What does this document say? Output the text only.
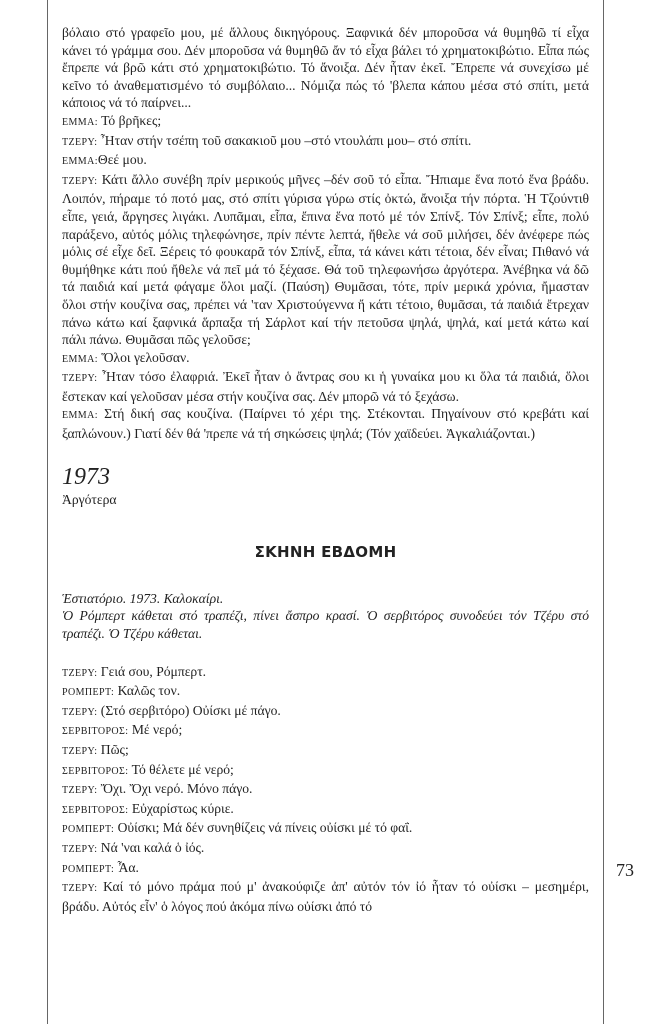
βόλαιο στό γραφεῖο μου, μέ ἄλλους δικηγόρους. Ξαφνικά δέν μποροῦσα νά θυμηθῶ τί εἶχα κάνει τό γράμμα σου. Δέν μποροῦσα νά θυμηθῶ ἄν τό εἶχα βάλει τό χρηματοκιβώτιο. Εἶπα πώς ἔπρεπε νά βρῶ κάτι στό χρηματοκιβώτιο. Τό ἄνοιξα. Δέν ἦταν ἐκεῖ. Ἔπρεπε νά συνεχίσω μέ κεῖνο τό ἀναθεματισμένο τό συμβόλαιο... Νόμιζα πώς τό 'βλεπα κάπου μέσα στό σπίτι, μετά κάποιος νά τό παίρνει...

ΕΜΜΑ: Τό βρῆκες;

ΤΖΕΡΥ: Ἦταν στήν τσέπη τοῦ σακακιοῦ μου –στό ντουλάπι μου– στό σπίτι.

ΕΜΜΑ:Θεέ μου.

ΤΖΕΡΥ: Κάτι ἄλλο συνέβη πρίν μερικούς μῆνες –δέν σοῦ τό εἶπα. Ἤπιαμε ἕνα ποτό ἕνα βράδυ. Λοιπόν, πήραμε τό ποτό μας, στό σπίτι γύρισα γύρω στίς ὀκτώ, ἄνοιξα τήν πόρτα. Ἡ Τζούντιθ εἶπε, γειά, ἄργησες λιγάκι. Λυπᾶμαι, εἶπα, ἔπινα ἕνα ποτό μέ τόν Σπίνξ. Τόν Σπίνξ; εἶπε, πολύ παράξενο, αὐτός μόλις τηλεφώνησε, πρίν πέντε λεπτά, ἤθελε νά σοῦ μιλήσει, δέν ἀνέφερε πώς μόλις σέ εἶχε δεῖ. Ξέρεις τό φουκαρᾶ τόν Σπίνξ, εἶπα, τά κάνει κάτι τέτοια, δέν εἶναι; Πιθανό νά θυμήθηκε κάτι πού ἤθελε νά πεῖ μά τό ξέχασε. Θά τοῦ τηλεφωνήσω ἀργότερα. Ἀνέβηκα νά δῶ τά παιδιά καί μετά φάγαμε ὅλοι μαζί. (Παύση) Θυμᾶσαι, τότε, πρίν μερικά χρόνια, ἤμασταν ὅλοι στήν κουζίνα σας, πρέπει νά 'ταν Χριστούγεννα ἤ κάτι τέτοιο, θυμᾶσαι, τά παιδιά ἔτρεχαν πάνω κάτω καί ξαφνικά ἅρπαξα τή Σάρλοτ καί τήν πετοῦσα ψηλά, ψηλά, καί μετά κάτω καί πάλι πάνω. Θυμᾶσαι πῶς γελοῦσε;

ΕΜΜΑ: Ὅλοι γελοῦσαν.

ΤΖΕΡΥ: Ἦταν τόσο ἐλαφριά. Ἐκεῖ ἦταν ὁ ἄντρας σου κι ἡ γυναίκα μου κι ὅλα τά παιδιά, ὅλοι ἔστεκαν καί γελοῦσαν μέσα στήν κουζίνα σας. Δέν μπορῶ νά τό ξεχάσω.

ΕΜΜΑ: Στή δική σας κουζίνα. (Παίρνει τό χέρι της. Στέκονται. Πηγαίνουν στό κρεβάτι καί ξαπλώνουν.) Γιατί δέν θά 'πρεπε νά τή σηκώσεις ψηλά; (Τόν χαϊδεύει. Ἀγκαλιάζονται.)

1973
Ἀργότερα
ΣΚΗΝΗ ΕΒΔΟΜΗ

Ἑστιατόριο. 1973. Καλοκαίρι.

Ὁ Ρόμπερτ κάθεται στό τραπέζι, πίνει ἄσπρο κρασί. Ὁ σερβιτόρος συνοδεύει τόν Τζέρυ στό τραπέζι. Ὁ Τζέρυ κάθεται.

ΤΖΕΡΥ: Γειά σου, Ρόμπερτ.

ΡΟΜΠΕΡΤ: Καλῶς τον.

ΤΖΕΡΥ: (Στό σερβιτόρο) Οὐίσκι μέ πάγο.

ΣΕΡΒΙΤΟΡΟΣ: Μέ νερό;

ΤΖΕΡΥ: Πῶς;

ΣΕΡΒΙΤΟΡΟΣ: Τό θέλετε μέ νερό;

ΤΖΕΡΥ: Ὄχι. Ὄχι νερό. Μόνο πάγο.

ΣΕΡΒΙΤΟΡΟΣ: Εὐχαρίστως κύριε.

ΡΟΜΠΕΡΤ: Οὐίσκι; Μά δέν συνηθίζεις νά πίνεις οὐίσκι μέ τό φαΐ.

ΤΖΕΡΥ: Νά 'ναι καλά ὁ ἰός.

ΡΟΜΠΕΡΤ: Ἆα.

ΤΖΕΡΥ: Καί τό μόνο πράμα πού μ' ἀνακούφιζε ἀπ' αὐτόν τόν ἰό ἦταν τό οὐίσκι – μεσημέρι, βράδυ. Αὐτός εἶν' ὁ λόγος πού ἀκόμα πίνω οὐίσκι ἀπό τό

73
